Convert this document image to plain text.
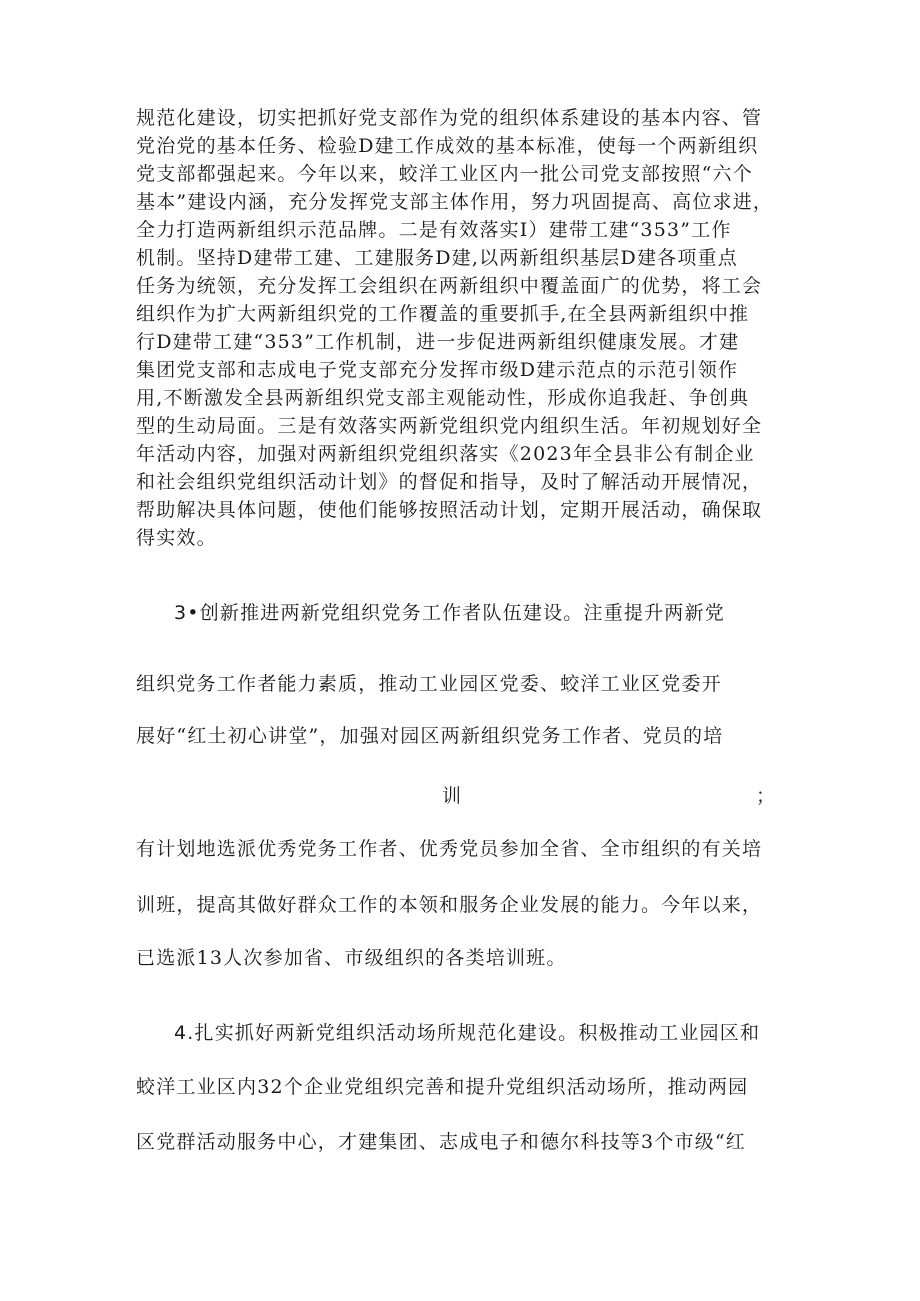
规范化建设，切实把抓好党支部作为党的组织体系建设的基本内容、管
党治党的基本任务、检验D建工作成效的基本标准，使每一个两新组织
党支部都强起来。今年以来，蛟洋工业区内一批公司党支部按照“六个
基本”建设内涵，充分发挥党支部主体作用，努力巩固提高、高位求进，
全力打造两新组织示范品牌。二是有效落实I）建带工建“353”工作
机制。坚持D建带工建、工建服务D建,以两新组织基层D建各项重点
任务为统领，充分发挥工会组织在两新组织中覆盖面广的优势，将工会
组织作为扩大两新组织党的工作覆盖的重要抓手,在全县两新组织中推
行D建带工建“353”工作机制，进一步促进两新组织健康发展。才建
集团党支部和志成电子党支部充分发挥市级D建示范点的示范引领作
用,不断激发全县两新组织党支部主观能动性，形成你追我赶、争创典
型的生动局面。三是有效落实两新党组织党内组织生活。年初规划好全
年活动内容，加强对两新组织党组织落实《2023年全县非公有制企业
和社会组织党组织活动计划》的督促和指导，及时了解活动开展情况，
帮助解决具体问题，使他们能够按照活动计划，定期开展活动，确保取
得实效。
3•创新推进两新党组织党务工作者队伍建设。注重提升两新党
组织党务工作者能力素质，推动工业园区党委、蛟洋工业区党委开
展好“红土初心讲堂”，加强对园区两新组织党务工作者、党员的培
训	；
有计划地选派优秀党务工作者、优秀党员参加全省、全市组织的有关培
训班，提高其做好群众工作的本领和服务企业发展的能力。今年以来，
已选派13人次参加省、市级组织的各类培训班。
4.扎实抓好两新党组织活动场所规范化建设。积极推动工业园区和
蛟洋工业区内32个企业党组织完善和提升党组织活动场所，推动两园
区党群活动服务中心，才建集团、志成电子和德尔科技等3个市级“红
